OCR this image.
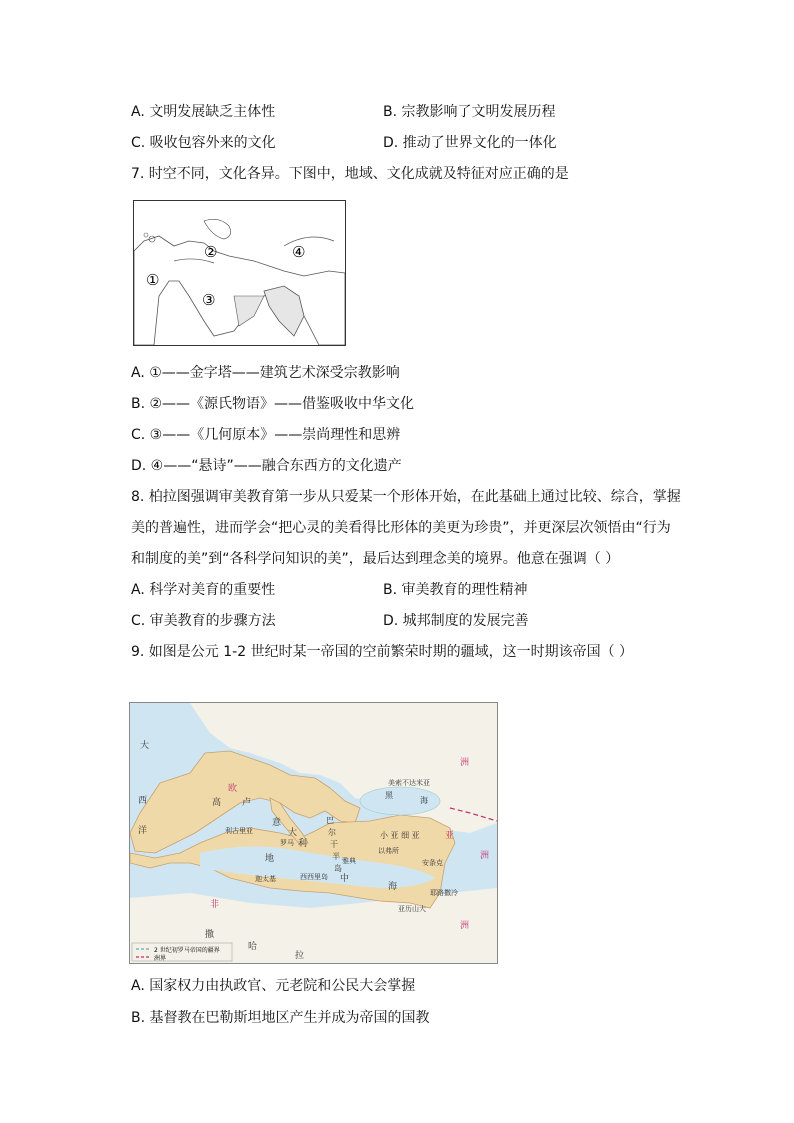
A. 文明发展缺乏主体性	B. 宗教影响了文明发展历程
C. 吸收包容外来的文化	D. 推动了世界文化的一体化
7. 时空不同，文化各异。下图中，地域、文化成就及特征对应正确的是
②
①
③
④
A. ①——金字塔——建筑艺术深受宗教影响
B. ②——《源氏物语》——借鉴吸收中华文化
C. ③——《几何原本》——崇尚理性和思辨
D. ④——“悬诗”——融合东西方的文化遗产
8. 柏拉图强调审美教育第一步从只爱某一个形体开始，在此基础上通过比较、综合，掌握
美的普遍性，进而学会“把心灵的美看得比形体的美更为珍贵”，并更深层次领悟由“行为
和制度的美”到“各科学问知识的美”，最后达到理念美的境界。他意在强调（ ）
A. 科学对美育的重要性	B. 审美教育的理性精神
C. 审美教育的步骤方法	D. 城邦制度的发展完善
9. 如图是公元 1-2 世纪时某一帝国的空前繁荣时期的疆域，这一时期该帝国（ ）
大
西
洋
欧
高 卢
洲
洲
洲
意
大
利
罗马
利古里亚
黑
海
小 亚 细 亚	亚
非
撒
哈
拉
地
中
海
巴
尔
干
半
岛
西西里岛
亚历山大
迦太基
雅典
以弗所
安条克
耶路撒冷
美索不达米亚
2 世纪初罗马帝国的疆界
洲界
A. 国家权力由执政官、元老院和公民大会掌握
B. 基督教在巴勒斯坦地区产生并成为帝国的国教
